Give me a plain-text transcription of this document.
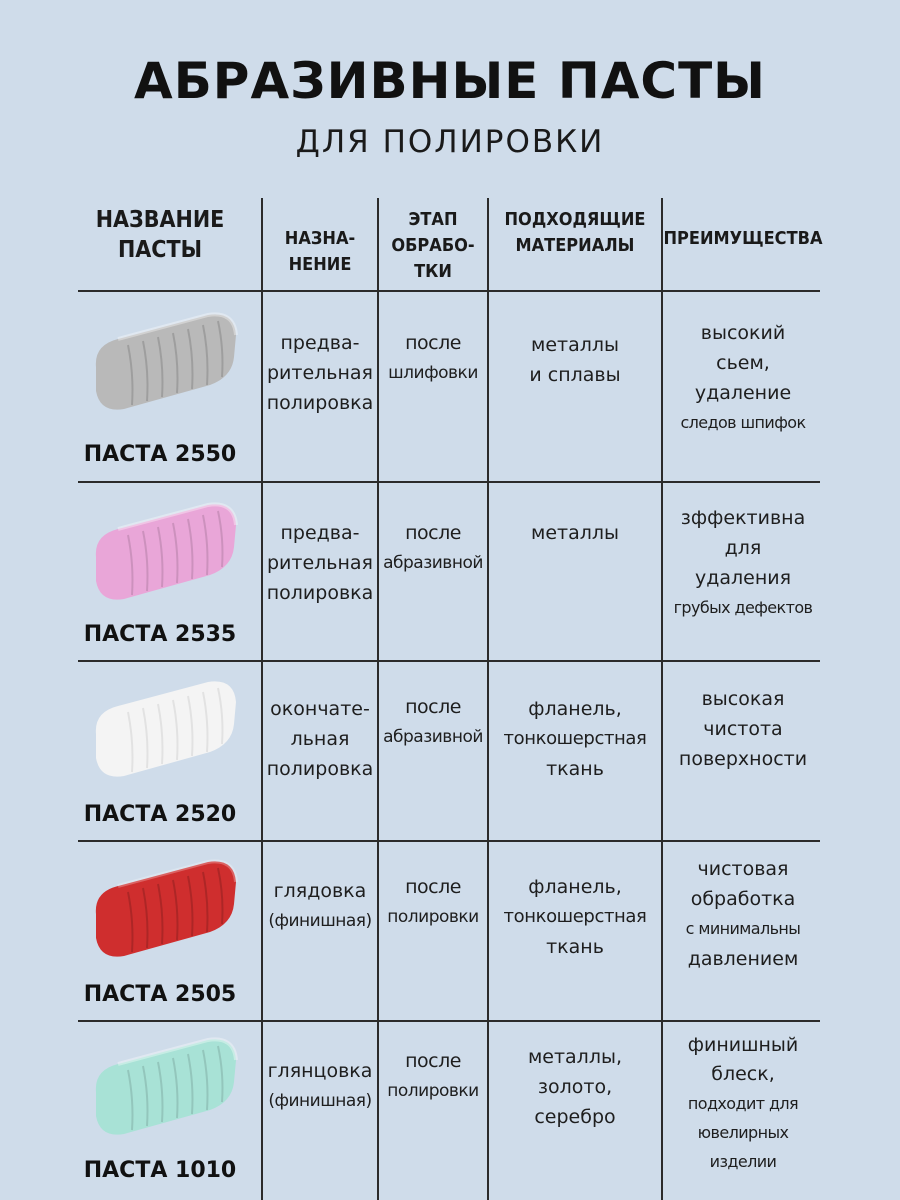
АБРАЗИВНЫЕ ПАСТЫ
ДЛЯ ПОЛИРОВКИ
НАЗВАНИЕ
ПАСТЫ	НАЗНА-
НЕНИЕ
ЭТАП
ОБРАБО-
ТКИ
ПОДХОДЯЩИЕ
МАТЕРИАЛЫ	ПРЕИМУЩЕСТВА
ПАСТА 2550
предва-
рительная
полировка
после
шлифовки
металлы
и сплавы
высокий
сьем,
удаление
следов шпифок
ПАСТА 2535
предва-
рительная
полировка
после
абразивной
металлы
зффективна
для
удаления
грубых дефектов
ПАСТА 2520
окончате-
льная
полировка
после
абразивной
фланель,
тонкошерстная
ткань
высокая
чистота
поверхности
ПАСТА 2505
глядовка
(финишная)
после
полировки
фланель,
тонкошерстная
ткань
чистовая
обработка
с минимальны
давлением
ПАСТА 1010
глянцовка
(финишная)
после
полировки
металлы,
золото,
серебро
финишный
блеск,
подходит для
ювелирных
изделии
